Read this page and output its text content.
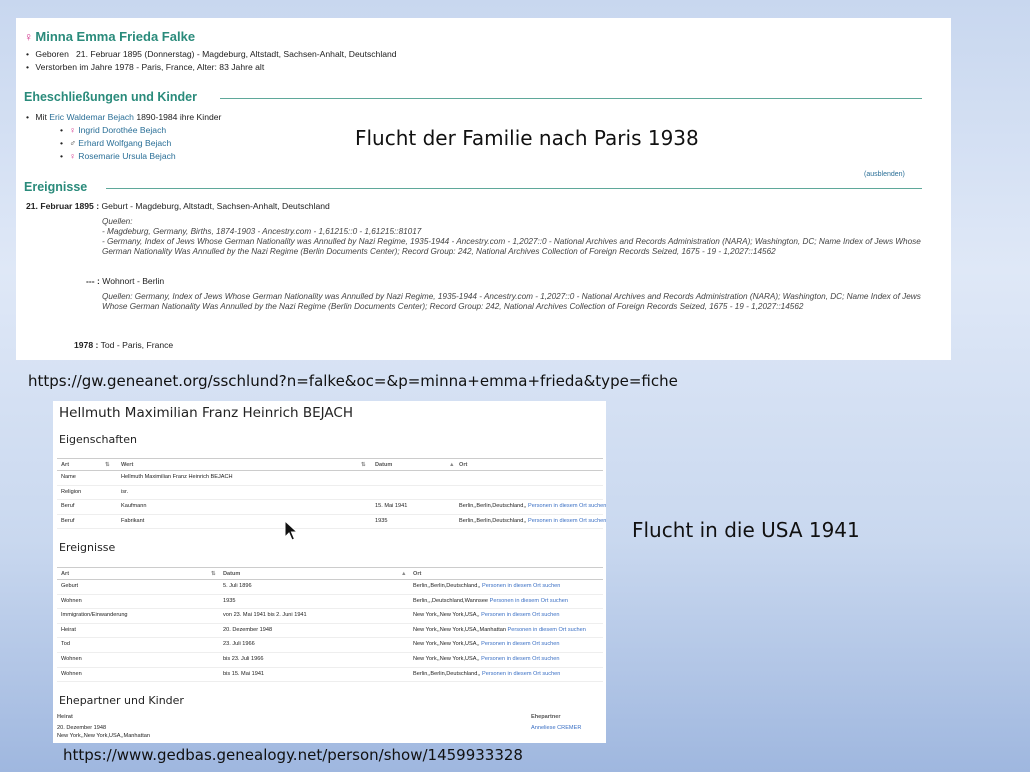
♀ Minna Emma Frieda Falke
• Geboren 21. Februar 1895 (Donnerstag) - Magdeburg, Altstadt, Sachsen-Anhalt, Deutschland
• Verstorben im Jahre 1978 - Paris, France, Alter: 83 Jahre alt
Eheschließungen und Kinder
• Mit Eric Waldemar Bejach 1890-1984 ihre Kinder
• ♀ Ingrid Dorothée Bejach
• ♂ Erhard Wolfgang Bejach
• ♀ Rosemarie Ursula Bejach
Flucht der Familie nach Paris 1938
(ausblenden)
Ereignisse
21. Februar 1895 : Geburt - Magdeburg, Altstadt, Sachsen-Anhalt, Deutschland
Quellen:
- Magdeburg, Germany, Births, 1874-1903 - Ancestry.com - 1,61215::0 - 1,61215::81017
- Germany, Index of Jews Whose German Nationality was Annulled by Nazi Regime, 1935-1944 - Ancestry.com - 1,2027::0 - National Archives and Records Administration (NARA); Washington, DC; Name Index of Jews Whose German Nationality Was Annulled by the Nazi Regime (Berlin Documents Center); Record Group: 242, National Archives Collection of Foreign Records Seized, 1675 - 19 - 1,2027::14562
--- : Wohnort - Berlin
Quellen: Germany, Index of Jews Whose German Nationality was Annulled by Nazi Regime, 1935-1944 - Ancestry.com - 1,2027::0 - National Archives and Records Administration (NARA); Washington, DC; Name Index of Jews Whose German Nationality Was Annulled by the Nazi Regime (Berlin Documents Center); Record Group: 242, National Archives Collection of Foreign Records Seized, 1675 - 19 - 1,2027::14562
1978 : Tod - Paris, France
https://gw.geneanet.org/sschlund?n=falke&oc=&p=minna+emma+frieda&type=fiche
Hellmuth Maximilian Franz Heinrich BEJACH
Eigenschaften
Art	⇅ Wert	⇅ Datum	▲ Ort
Name	Hellmuth Maximilian Franz Heinrich BEJACH
Religion	isr.
Beruf	Kaufmann	15. Mai 1941	Berlin,,Berlin,Deutschland,, Personen in diesem Ort suchen
Beruf	Fabrikant	1935	Berlin,,Berlin,Deutschland,, Personen in diesem Ort suchen
Ereignisse
Art	⇅ Datum	▲ Ort
Geburt	5. Juli 1896	Berlin,,Berlin,Deutschland,, Personen in diesem Ort suchen
Wohnen	1935	Berlin,,,Deutschland,Wannsee Personen in diesem Ort suchen
Immigration/Einwanderung	von 23. Mai 1941 bis 2. Juni 1941	New York,,New York,USA,, Personen in diesem Ort suchen
Heirat	20. Dezember 1948	New York,,New York,USA,,Manhattan Personen in diesem Ort suchen
Tod	23. Juli 1966	New York,,New York,USA,, Personen in diesem Ort suchen
Wohnen	bis 23. Juli 1966	New York,,New York,USA,, Personen in diesem Ort suchen
Wohnen	bis 15. Mai 1941	Berlin,,Berlin,Deutschland,, Personen in diesem Ort suchen
Ehepartner und Kinder
Heirat
20. Dezember 1948
New York,,New York,USA,,Manhattan
Ehepartner
Anneliese CREMER
Flucht in die USA 1941
https://www.gedbas.genealogy.net/person/show/1459933328
